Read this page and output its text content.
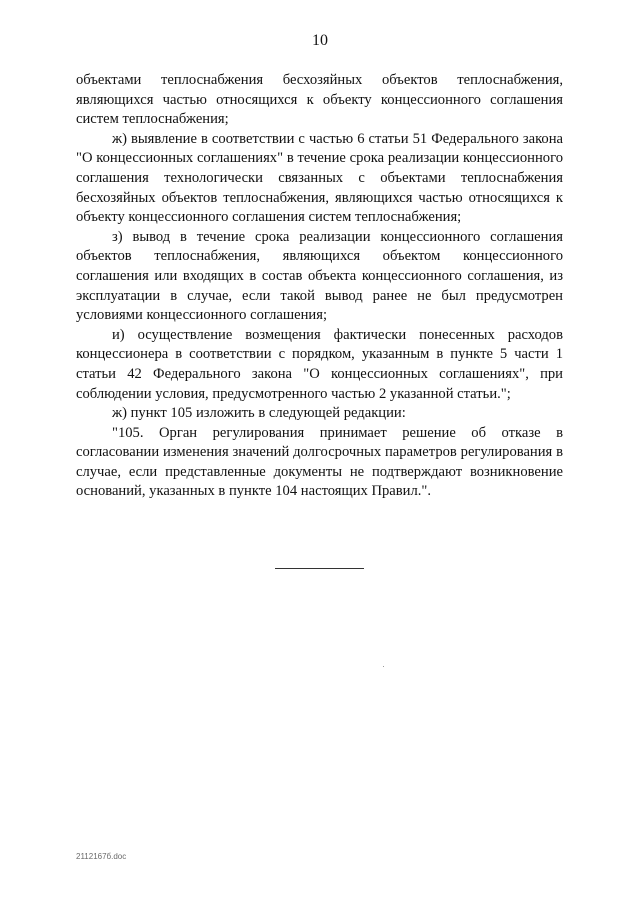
10

объектами теплоснабжения бесхозяйных объектов теплоснабжения, являющихся частью относящихся к объекту концессионного соглашения систем теплоснабжения;

ж) выявление в соответствии с частью 6 статьи 51 Федерального закона "О концессионных соглашениях" в течение срока реализации концессионного соглашения технологически связанных с объектами теплоснабжения бесхозяйных объектов теплоснабжения, являющихся частью относящихся к объекту концессионного соглашения систем теплоснабжения;

з) вывод в течение срока реализации концессионного соглашения объектов теплоснабжения, являющихся объектом концессионного соглашения или входящих в состав объекта концессионного соглашения, из эксплуатации в случае, если такой вывод ранее не был предусмотрен условиями концессионного соглашения;

и) осуществление возмещения фактически понесенных расходов концессионера в соответствии с порядком, указанным в пункте 5 части 1 статьи 42 Федерального закона "О концессионных соглашениях", при соблюдении условия, предусмотренного частью 2 указанной статьи.";

ж) пункт 105 изложить в следующей редакции:

"105. Орган регулирования принимает решение об отказе в согласовании изменения значений долгосрочных параметров регулирования в случае, если представленные документы не подтверждают возникновение оснований, указанных в пункте 104 настоящих Правил.".

2112167б.doc
